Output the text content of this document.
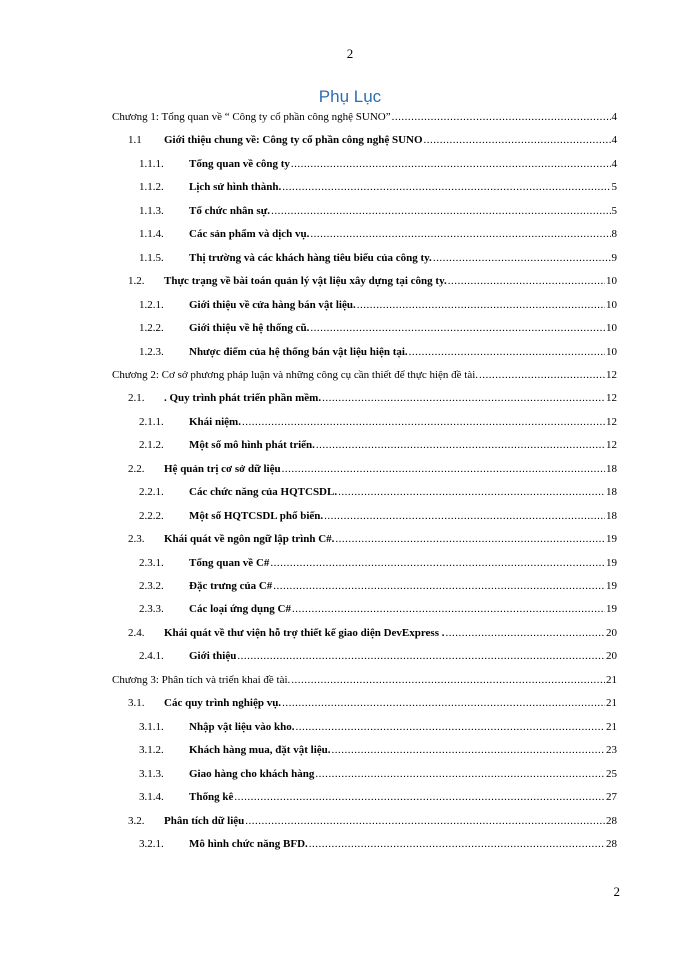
2
Phụ Lục
Chương 1: Tổng quan về “ Công ty cổ phần công nghệ SUNO” .....	4
1.1	Giới thiệu chung về: Công ty cổ phần công nghệ SUNO .....	4
1.1.1.	Tổng quan về công ty .....	4
1.1.2.	Lịch sử hình thành. .....	5
1.1.3.	Tổ chức nhân sự. .....	5
1.1.4.	Các sản phẩm và dịch vụ. .....	8
1.1.5.	Thị trường và các khách hàng tiêu biểu của công ty. .....	9
1.2.	Thực trạng về bài toán quản lý vật liệu xây dựng tại công ty. .....	10
1.2.1.	Giới thiệu về cửa hàng bán vật liệu. .....	10
1.2.2.	Giới thiệu về hệ thống cũ. .....	10
1.2.3.	Nhược điểm của hệ thống bán vật liệu hiện tại. .....	10
Chương 2: Cơ sở phương pháp luận và những công cụ cần thiết để thực hiện đề tài. .....	12
2.1.	. Quy trình phát triển phần mềm. .....	12
2.1.1.	Khái niệm. .....	12
2.1.2.	Một số mô hình phát triển. .....	12
2.2.	Hệ quản trị cơ sở dữ liệu .....	18
2.2.1.	Các chức năng của HQTCSDL. .....	18
2.2.2.	Một số HQTCSDL phổ biến. .....	18
2.3.	Khái quát về ngôn ngữ lập trình C#. .....	19
2.3.1.	Tổng quan về C# .....	19
2.3.2.	Đặc trưng của C# .....	19
2.3.3.	Các loại ứng dụng C# .....	19
2.4.	Khái quát về thư viện hỗ trợ thiết kế giao diện DevExpress . .....	20
2.4.1.	Giới thiệu .....	20
Chương 3: Phân tích và triển khai đề tài. .....	21
3.1.	Các quy trình nghiệp vụ. .....	21
3.1.1.	Nhập vật liệu vào kho. .....	21
3.1.2.	Khách hàng mua, đặt vật liệu. .....	23
3.1.3.	Giao hàng cho khách hàng .....	25
3.1.4.	Thống kê .....	27
3.2.	Phân tích dữ liệu .....	28
3.2.1.	Mô hình chức năng BFD. .....	28
2
